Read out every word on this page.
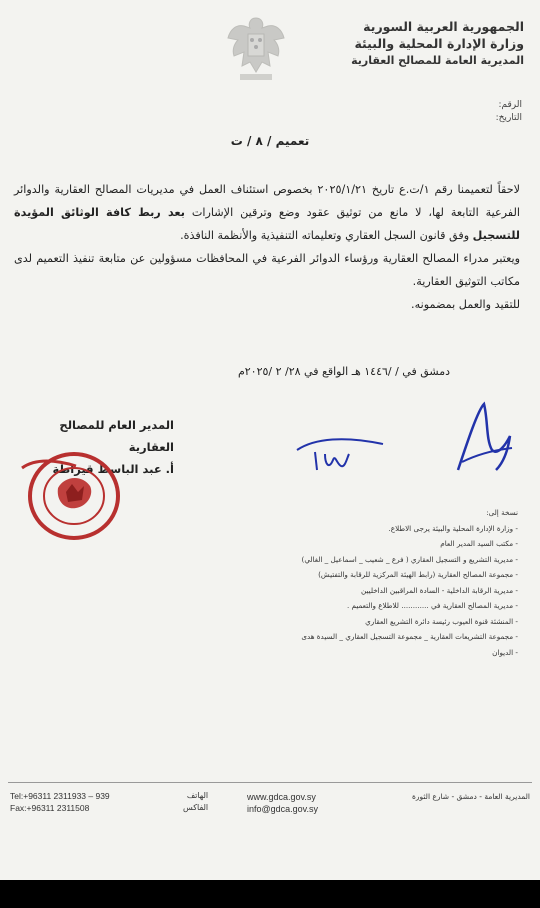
الجمهورية العربية السورية
وزارة الإدارة المحلية والبيئة
المديرية العامة للمصالح العقارية
الرقم:
التاريخ:
تعميم / ٨ / ت

لاحقاً لتعميمنا رقم ١/ت.ع تاريخ ٢٠٢٥/١/٢١ بخصوص استئناف العمل في مديريات المصالح العقارية والدوائر الفرعية التابعة لها، لا مانع من توثيق عقود وضع وترقين الإشارات بعد ربط كافة الوثائق المؤيدة للتسجيل وفق قانون السجل العقاري وتعليماته التنفيذية والأنظمة النافذة.

ويعتبر مدراء المصالح العقارية ورؤساء الدوائر الفرعية في المحافظات مسؤولين عن متابعة تنفيذ التعميم لدى مكاتب التوثيق العقارية.

للتقيد والعمل بمضمونه.

دمشق في / /١٤٤٦ هـ الواقع في ٢٨/ ٢ /٢٠٢٥م
المدير العام للمصالح العقارية
أ. عبد الباسط قيراطة
نسخة إلى:
- وزارة الإدارة المحلية والبيئة يرجى الاطلاع.
- مكتب السيد المدير العام
- مديرية التشريع و التسجيل العقاري ( فرع _ شعيب _ اسماعيل _ الغالي)
- مجموعة المصالح العقارية (رابط الهيئة المركزية للرقابة والتفتيش)
- مديرية الرقابة الداخلية - السادة المراقبين الداخليين
- مديرية المصالح العقارية في ............ للاطلاع والتعميم .
- المنشئة قنوة العيوب رئيسة دائرة التشريع العقاري
- مجموعة التشريعات العقارية _ مجموعة التسجيل العقاري _ السيدة هدى
- الديوان
Tel:+96311 2311933 – 939
Fax:+96311 2311508
الهاتف
الفاكس
www.gdca.gov.sy
info@gdca.gov.sy
المديرية العامة - دمشق - شارع الثورة
